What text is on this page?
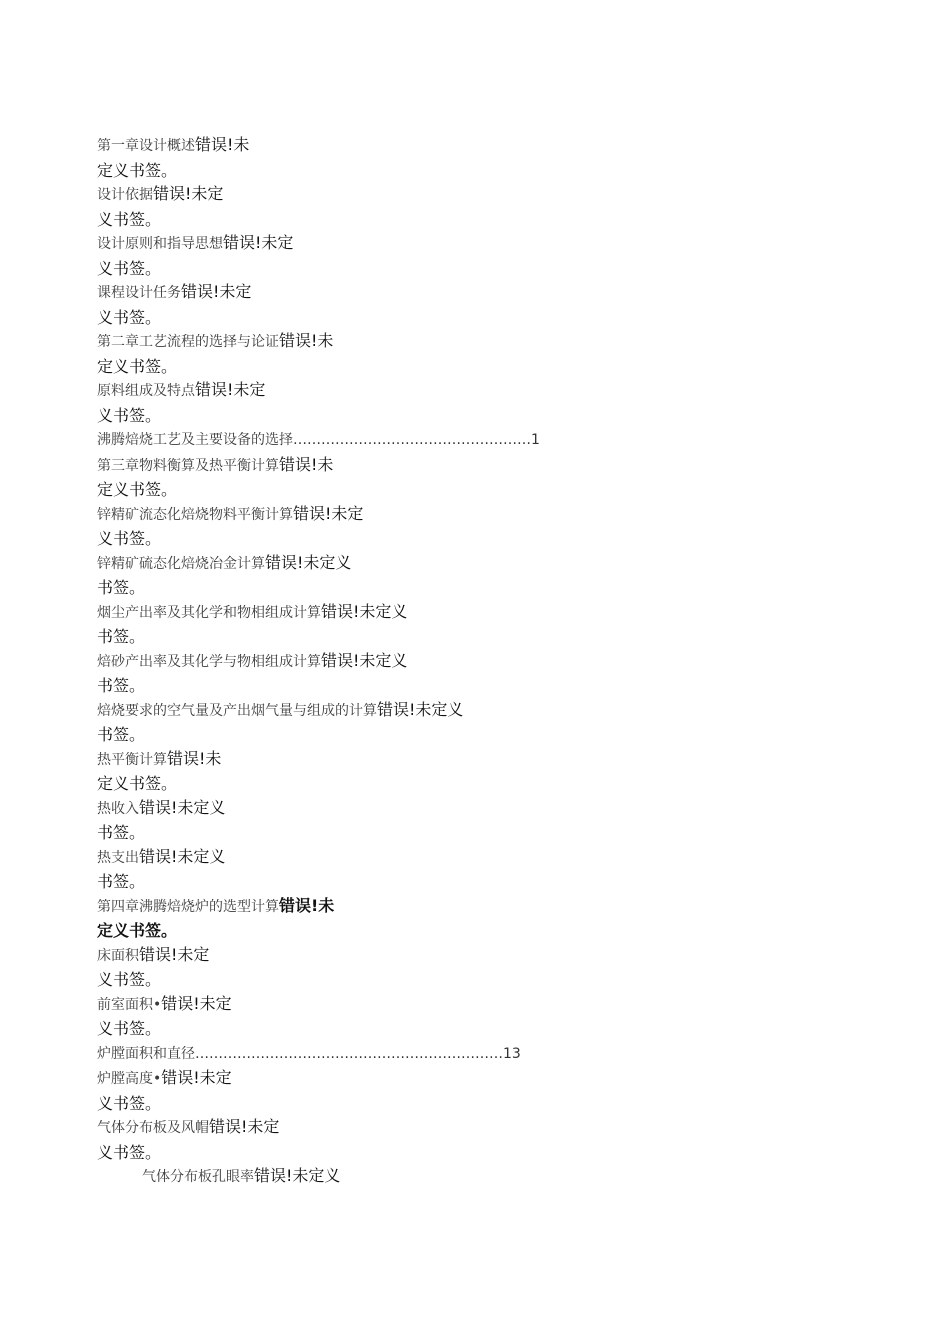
第一章设计概述错误!未
定义书签。
设计依据错误!未定
义书签。
设计原则和指导思想错误!未定
义书签。
课程设计任务错误!未定
义书签。
第二章工艺流程的选择与论证错误!未
定义书签。
原料组成及特点错误!未定
义书签。
沸腾焙烧工艺及主要设备的选择……………………………………………1
第三章物料衡算及热平衡计算错误!未
定义书签。
锌精矿流态化焙烧物料平衡计算错误!未定
义书签。
锌精矿硫态化焙烧冶金计算错误!未定义
书签。
烟尘产出率及其化学和物相组成计算错误!未定义
书签。
焙砂产出率及其化学与物相组成计算错误!未定义
书签。
焙烧要求的空气量及产出烟气量与组成的计算错误!未定义
书签。
热平衡计算错误!未
定义书签。
热收入错误!未定义
书签。
热支出错误!未定义
书签。
第四章沸腾焙烧炉的选型计算错误!未
定义书签。
床面积错误!未定
义书签。
前室面积•错误!未定
义书签。
炉膛面积和直径…………………………………………………………13
炉膛高度•错误!未定
义书签。
气体分布板及风帽错误!未定
义书签。
气体分布板孔眼率错误!未定义
